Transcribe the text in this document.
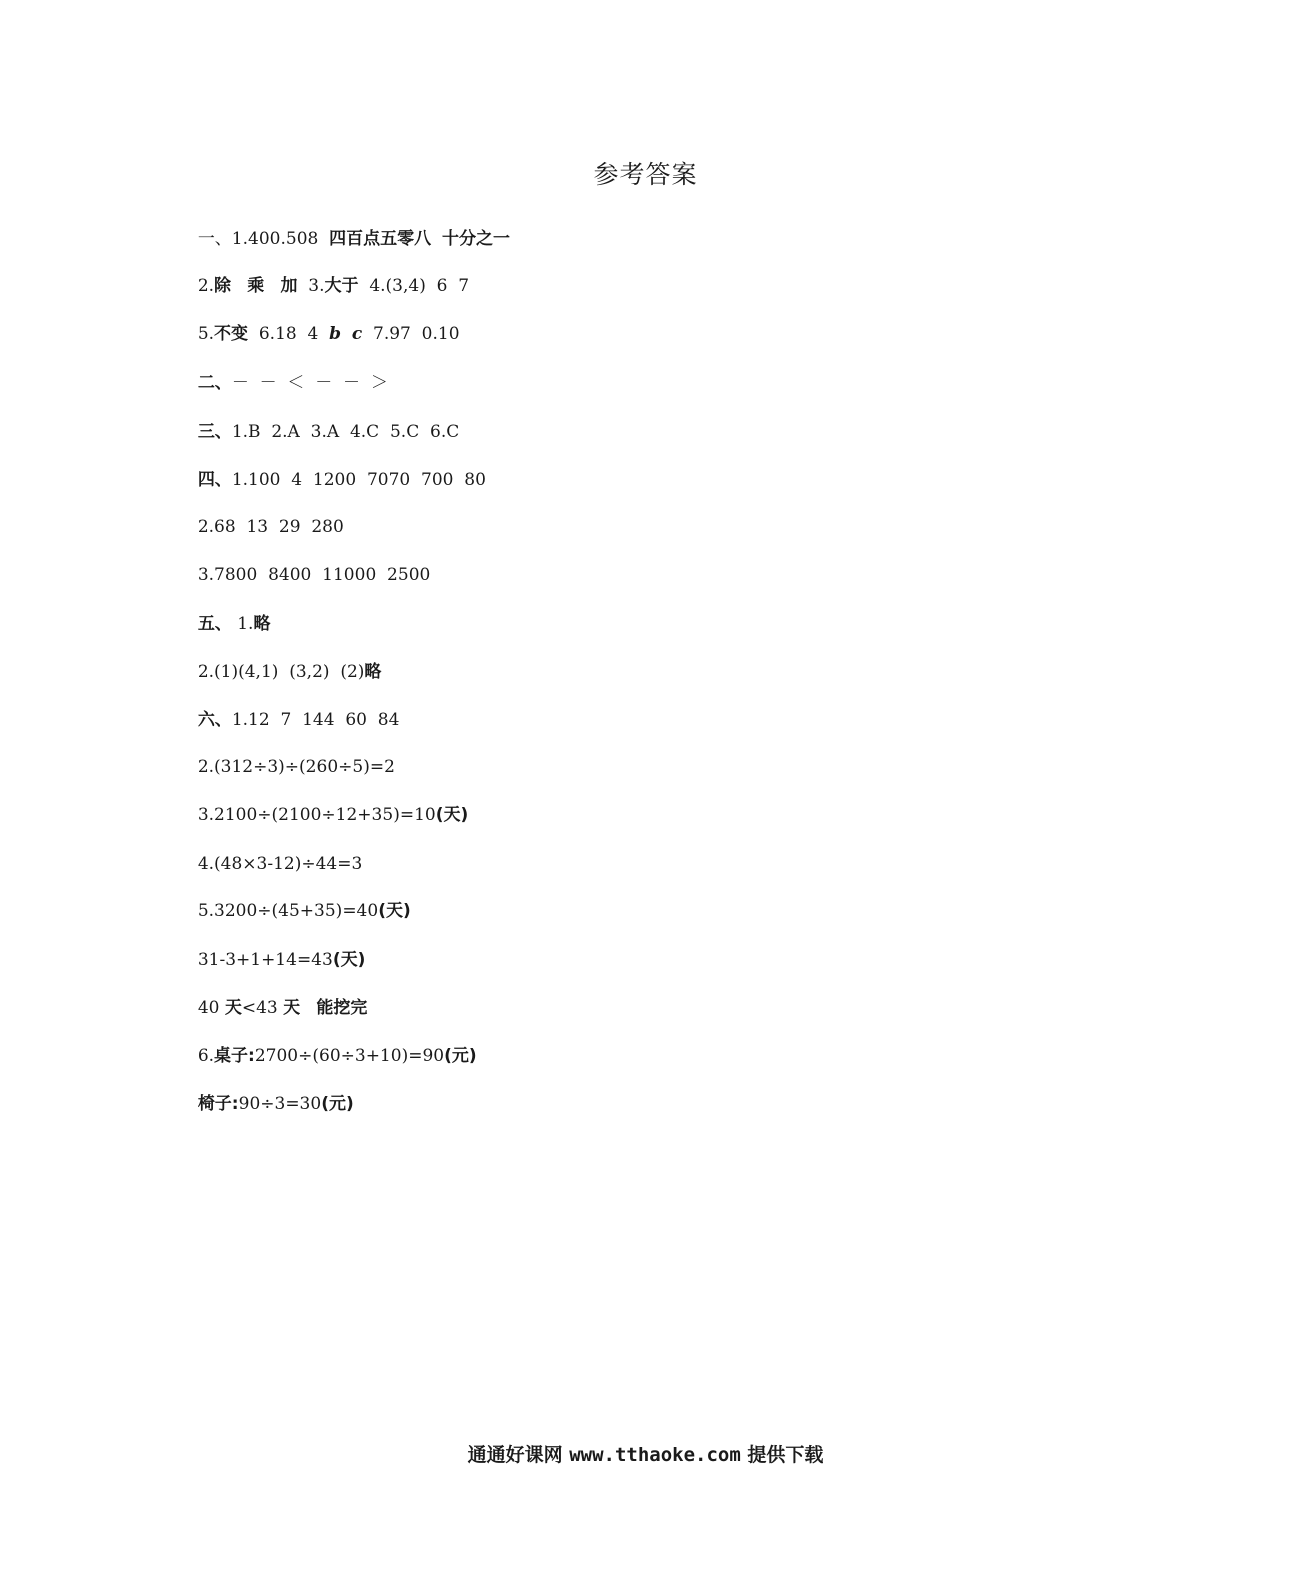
参考答案

一、1.400.508  四百点五零八 十分之一

2.除 乘 加  3.大于  4.(3,4)  6  7

5.不变  6.18  4  b c  7.97  0.10

二、－  －  ＜  －  －  ＞

三、1.B  2.A  3.A  4.C  5.C  6.C

四、1.100  4  1200  7070  700  80

2.68  13  29  280

3.7800  8400  11000  2500

五、 1.略

2.(1)(4,1)  (3,2)  (2)略

六、1.12  7  144  60  84

2.(312÷3)÷(260÷5)=2

3.2100÷(2100÷12+35)=10(天)

4.(48×3-12)÷44=3

5.3200÷(45+35)=40(天)

31-3+1+14=43(天)

40 天<43 天 能挖完

6.桌子:2700÷(60÷3+10)=90(元)

椅子:90÷3=30(元)

通通好课网 www.tthaoke.com 提供下载
